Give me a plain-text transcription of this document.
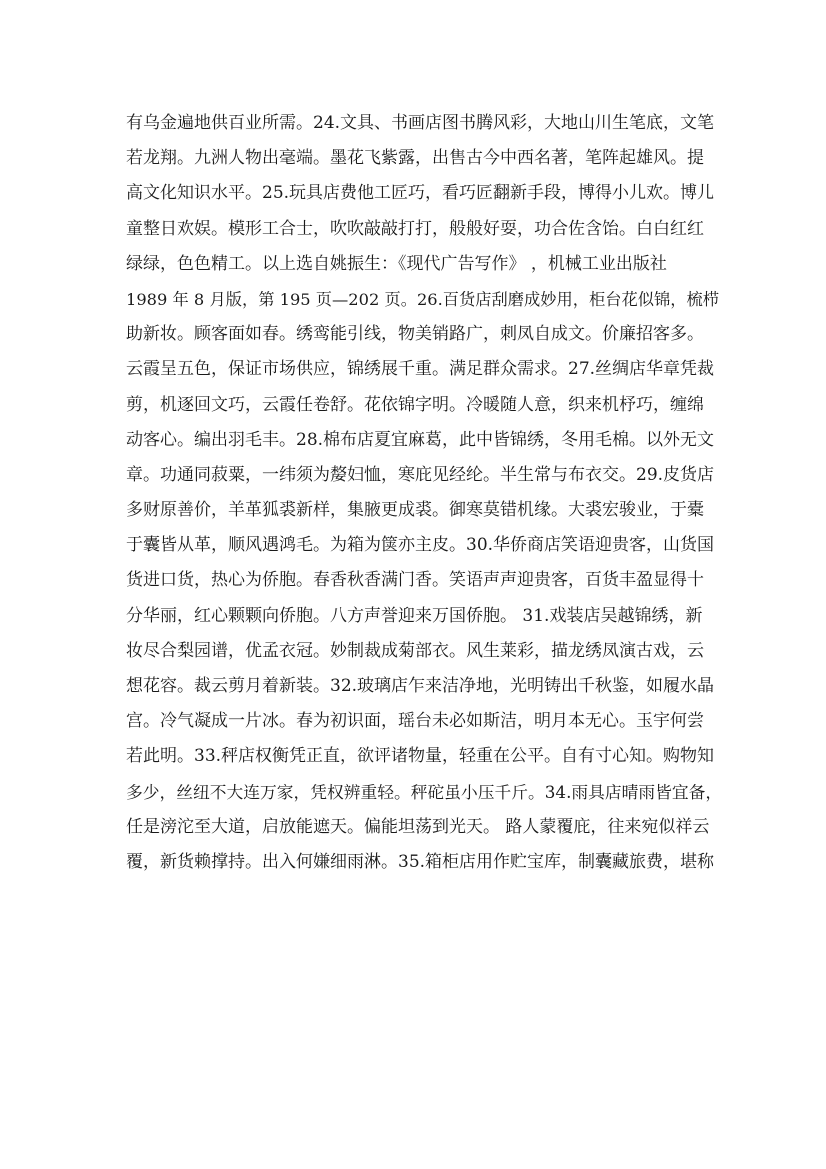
有乌金遍地供百业所需。24.文具、书画店图书腾风彩，大地山川生笔底，文笔
若龙翔。九洲人物出毫端。墨花飞紫露，出售古今中西名著，笔阵起雄风。提
高文化知识水平。25.玩具店费他工匠巧，看巧匠翻新手段，博得小儿欢。博儿
童整日欢娱。模形工合士，吹吹敲敲打打，般般好耍，功合佐含饴。白白红红
绿绿，色色精工。以上选自姚振生：《现代广告写作》 ，机械工业出版社
1989 年 8 月版，第 195 页—202 页。26.百货店刮磨成妙用，柜台花似锦，梳栉
助新妆。顾客面如春。绣鸾能引线，物美销路广，刺凤自成文。价廉招客多。
云霞呈五色，保证市场供应，锦绣展千重。满足群众需求。27.丝绸店华章凭裁
剪，机逐回文巧，云霞任卷舒。花依锦字明。冷暖随人意，织来机杼巧，缠绵
动客心。编出羽毛丰。28.棉布店夏宜麻葛，此中皆锦绣，冬用毛棉。以外无文
章。功通同菽粟，一纬须为嫠妇恤，寒庇见经纶。半生常与布衣交。29.皮货店
多财原善价，羊革狐裘新样，集腋更成裘。御寒莫错机缘。大裘宏骏业，于橐
于囊皆从革，顺风遇鸿毛。为箱为箧亦主皮。30.华侨商店笑语迎贵客，山货国
货进口货，热心为侨胞。春香秋香满门香。笑语声声迎贵客，百货丰盈显得十
分华丽，红心颗颗向侨胞。八方声誉迎来万国侨胞。 31.戏装店吴越锦绣，新
妆尽合梨园谱，优孟衣冠。妙制裁成菊部衣。风生莱彩，描龙绣凤演古戏，云
想花容。裁云剪月着新装。32.玻璃店乍来洁净地，光明铸出千秋鉴，如履水晶
宫。冷气凝成一片冰。春为初识面，瑶台未必如斯洁，明月本无心。玉宇何尝
若此明。33.秤店权衡凭正直，欲评诸物量，轻重在公平。自有寸心知。购物知
多少，丝纽不大连万家，凭权辨重轻。秤砣虽小压千斤。34.雨具店晴雨皆宜备，
任是滂沱至大道，启放能遮天。偏能坦荡到光天。 路人蒙覆庇，往来宛似祥云
覆，新货赖撑持。出入何嫌细雨淋。35.箱柜店用作贮宝库，制囊藏旅费，堪称
